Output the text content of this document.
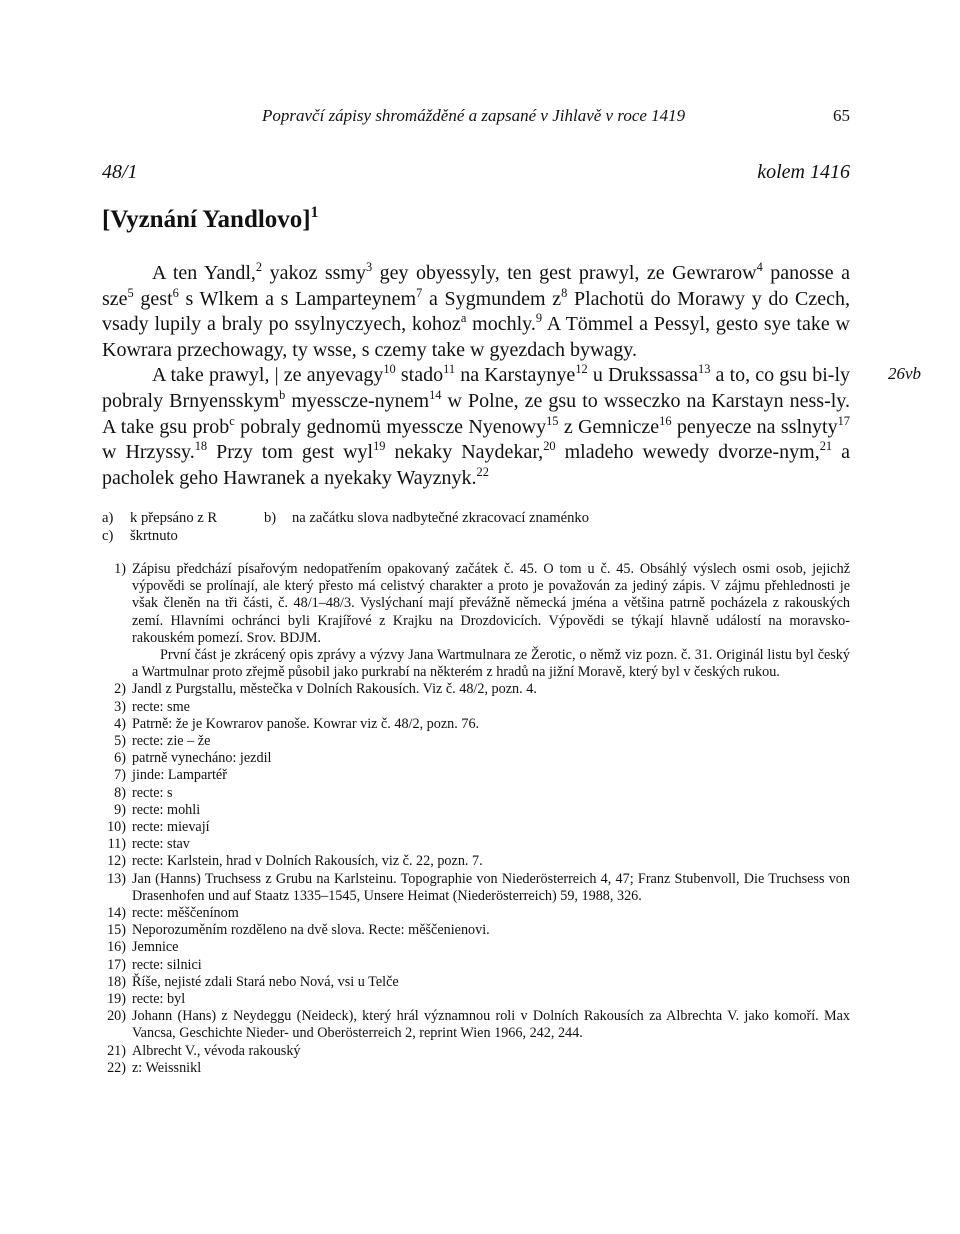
Popravčí zápisy shromážděné a zapsané v Jihlavě v roce 1419	65
48/1	kolem 1416
[Vyznání Yandlovo]$^1$

A ten Yandl,$^2$ yakoz ssmy$^3$ gey obyessyly, ten gest prawyl, ze Gewrarow$^4$ panosse a sze$^5$ gest$^6$ s Wlkem a s Lamparteynem$^7$ a Sygmundem $z^8$ Plachotü do Morawy y do Czech, vsady lupily a braly po ssylnyczyech, kohoz$^a$ mochly.$^9$ A Tömmel a Pessyl, gesto sye take w Kowrara przechowagy, ty wsse, s czemy take w gyezdach bywagy.

A take prawyl, | ze anyevagy$^{10}$ stado$^{11}$ na Karstaynye$^{12}$ u Drukssassa$^{13}$ a to, co gsu bi-ly pobraly Brnyensskym$^b$ myessczе-nynem$^{14}$ w Polne, ze gsu to wsseczko na Karstayn ness-ly. A take gsu prob$^c$ pobraly gednomü myesscze Nyenowy$^{15}$ z Gemnicze$^{16}$ penyecze na sslnyty$^{17}$ w Hrzyssy.$^{18}$ Przy tom gest wyl$^{19}$ nekaky Naydekar,$^{20}$ mladeho wewedy dvorze-nym,$^{21}$ a pacholek geho Hawranek a nyekaky Wayznyk.$^{22}$

26vb
a)	k přepsáno z R	b)	na začátku slova nadbytečné zkracovací znaménko
c)	škrtnuto
1) Zápisu předchází písařovým nedopatřením opakovaný začátek č. 45. O tom u č. 45. Obsáhlý výslech osmi osob, jejichž výpovědi se prolínají, ale který přesto má celistvý charakter a proto je považován za jediný zápis. V zájmu přehlednosti je však členěn na tři části, č. 48/1–48/3. Vyslýchaní mají převážně německá jména a většina patrně pocházela z rakouských zemí. Hlavními ochránci byli Krajířové z Krajku na Drozdovicích. Výpovědi se týkají hlavně událostí na moravsko-rakouském pomezí. Srov. BDJM.
První část je zkrácený opis zprávy a výzvy Jana Wartmulnara ze Žerotic, o němž viz pozn. č. 31. Originál listu byl český a Wartmulnar proto zřejmě působil jako purkrabí na některém z hradů na jižní Moravě, který byl v českých rukou.
2) Jandl z Purgstallu, městečka v Dolních Rakousích. Viz č. 48/2, pozn. 4.
3) recte: sme
4) Patrně: že je Kowrarov panoše. Kowrar viz č. 48/2, pozn. 76.
5) recte: zie – že
6) patrně vynecháno: jezdil
7) jinde: Lampartéř
8) recte: s
9) recte: mohli
10) recte: mievají
11) recte: stav
12) recte: Karlstein, hrad v Dolních Rakousích, viz č. 22, pozn. 7.
13) Jan (Hanns) Truchsess z Grubu na Karlsteinu. Topographie von Niederösterreich 4, 47; Franz Stubenvoll, Die Truchsess von Drasenhofen und auf Staatz 1335–1545, Unsere Heimat (Niederösterreich) 59, 1988, 326.
14) recte: měščenínom
15) Neporozuměním rozděleno na dvě slova. Recte: měščenienovi.
16) Jemnice
17) recte: silnici
18) Říše, nejisté zdali Stará nebo Nová, vsi u Telče
19) recte: byl
20) Johann (Hans) z Neydeggu (Neideck), který hrál významnou roli v Dolních Rakousích za Albrechta V. jako komoří. Max Vancsa, Geschichte Nieder- und Oberösterreich 2, reprint Wien 1966, 242, 244.
21) Albrecht V., vévoda rakouský
22) z: Weissnikl
